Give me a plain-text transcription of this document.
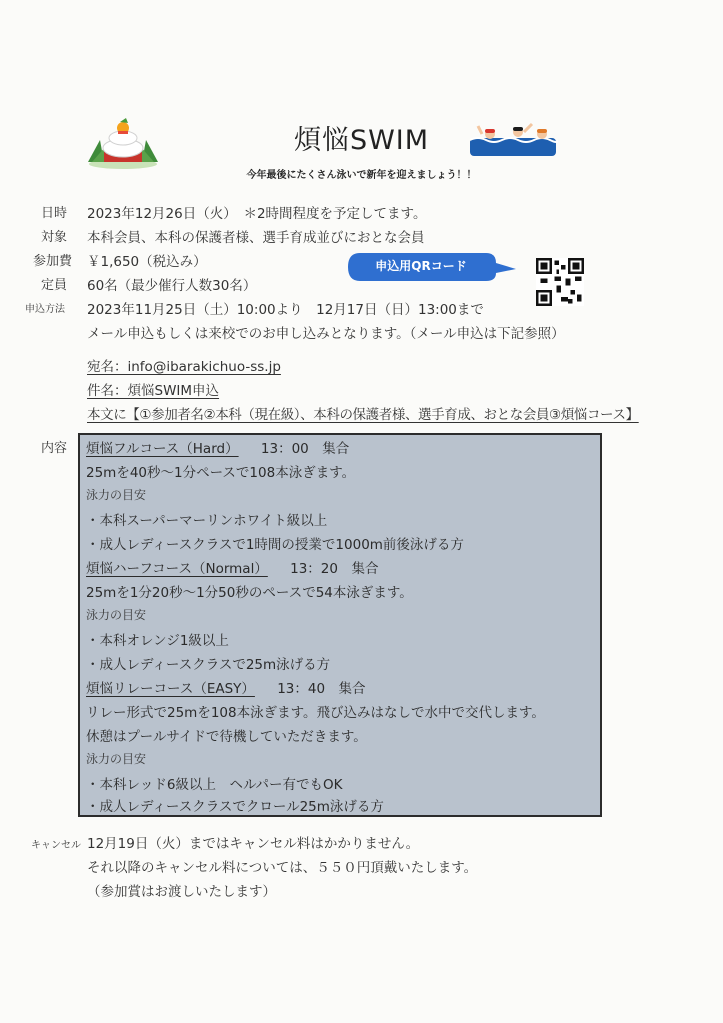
煩悩SWIM
今年最後にたくさん泳いで新年を迎えましょう！！
日時 2023年12月26日（火）　＊2時間程度を予定してます。
対象 本科会員、本科の保護者様、選手育成並びにおとな会員
参加費 ￥1,650（税込み）
定員 60名（最少催行人数30名）
申込方法 2023年11月25日（土）10:00より　12月17日（日）13:00まで
メール申込もしくは来校でのお申し込みとなります。（メール申込は下記参照）
申込用QRコード
宛名：info@ibarakichuo-ss.jp
件名：煩悩SWIM申込
本文に【①参加者名②本科（現在級）、本科の保護者様、選手育成、おとな会員③煩悩コース】
内容 煩悩フルコース（Hard） 13：00　集合
25mを40秒～1分ペースで108本泳ぎます。
泳力の目安
・本科スーパーマーリンホワイト級以上
・成人レディースクラスで1時間の授業で1000m前後泳げる方
煩悩ハーフコース（Normal） 13：20　集合
25mを1分20秒～1分50秒のペースで54本泳ぎます。
泳力の目安
・本科オレンジ1級以上
・成人レディースクラスで25m泳げる方
煩悩リレーコース（EASY） 13：40　集合
リレー形式で25mを108本泳ぎます。飛び込みはなしで水中で交代します。
休憩はプールサイドで待機していただきます。
泳力の目安
・本科レッド6級以上　ヘルパー有でもOK
・成人レディースクラスでクロール25m泳げる方
キャンセル 12月19日（火）まではキャンセル料はかかりません。
それ以降のキャンセル料については、５５０円頂戴いたします。
（参加賞はお渡しいたします）
